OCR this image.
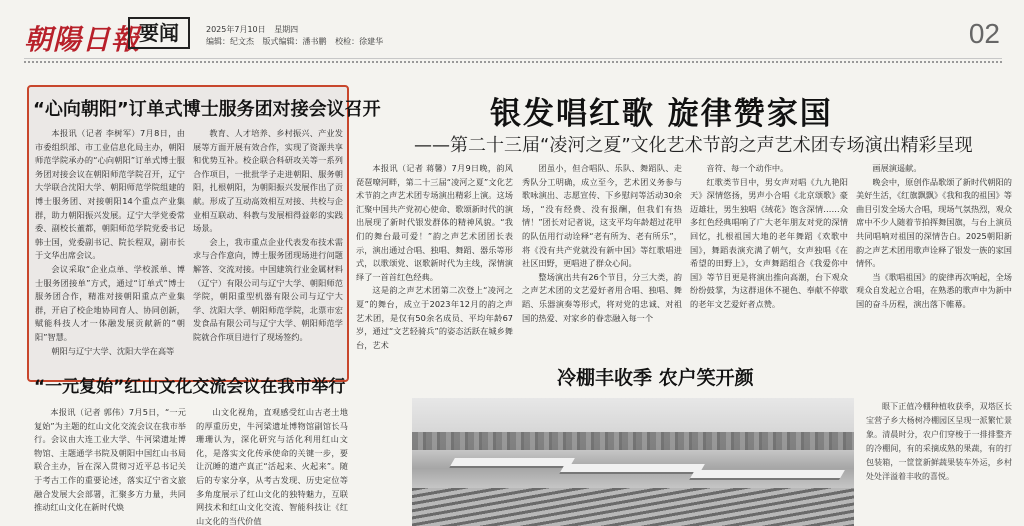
朝陽日報
要闻	2025年7月10日 星期四
编辑：纪文杰 版式编辑：潘书鹏 校检：徐建华	02
“心向朝阳”订单式博士服务团对接会议召开

本报讯（记者 李树军）7月8日，由市委组织部、市工业信息化局主办，朝阳师范学院承办的“心向朝阳”订单式博士服务团对接会议在朝阳师范学院召开，辽宁大学联合沈阳大学、朝阳师范学院组建的博士服务团、对接朝阳14个重点产业集群，助力朝阳振兴发展。辽宁大学党委常委、副校长董都，朝阳师范学院党委书记韩士国，党委副书记、院长程双，副市长于文华出席会议。

会议采取“企业点单、学校派单、博士服务团接单”方式，通过“订单式”博士服务团合作，精准对接朝阳重点产业集群，开启了校企地协同育人、协同创新，赋能科技人才一体融发展贡献新的“朝阳”智慧。

朝阳与辽宁大学、沈阳大学在高等

教育、人才培养、乡村振兴、产业发展等方面开展有效合作，实现了资源共享和优势互补。校企联合科研攻关等一系列合作项目，一批批学子走进朝阳、服务朝阳，扎根朝阳，为朝阳振兴发展作出了贡献。形成了互动高效相互对接、共校与企业相互联动、科教与发展相得益彰的实践场景。

会上，我市重点企业代表发布技术需求与合作意向，博士服务团现场进行问题解答、交流对接。中国建筑行业金属材料（辽宁）有限公司与辽宁大学、朝阳师范学院，朝阳重型机器有限公司与辽宁大学、沈阳大学、朝阳师范学院，北票市宏发食品有限公司与辽宁大学、朝阳师范学院就合作项目进行了现场签约。

“一元复始”红山文化交流会议在我市举行

本报讯（记者 郭伟）7月5日，“一元复始”为主题的红山文化交流会议在我市举行。会议由大连工业大学、牛河梁遗址博物馆、主题通学书院及朝阳中国红山书局联合主办，旨在深入贯彻习近平总书记关于考古工作的重要论述，落实辽宁省文旅融合发展大会部署，汇聚多方力量，共同推动红山文化在新时代焕

山文化视角，直观感受红山古老土地的厚重历史，牛河梁遗址博物馆副馆长马珊珊认为，深化研究与活化利用红山文化，是落实文化传承使命的关键一步，要让沉睡的遗产真正“活起来、火起来”。随后的专家分享，从考古发现、历史定位等多角度展示了红山文化的独特魅力，互联网技术和红山文化交流、智能科技让《红山文化的当代价值

银发唱红歌 旋律赞家国
——第二十三届“凌河之夏”文化艺术节韵之声艺术团专场演出精彩呈现

本报讯（记者 蒋馨）7月9日晚，韵风琵琶嘹河畔，第二十三届“凌河之夏”文化艺术节韵之声艺术团专场演出精彩上演。这场汇聚中国共产党初心使命、歌颂新时代的演出展现了新时代银发群体的精神风貌。“我们的舞台最可爱！”韵之声艺术团团长表示，演出通过合唱、独唱、舞蹈、器乐等形式，以歌颂党、讴歌新时代为主线，深情演绎了一首首红色经典。

这是韵之声艺术团第二次登上“凌河之夏”的舞台，成立于2023年12月的韵之声艺术团，是仅有50余名成员、平均年龄67岁，通过“文艺轻骑兵”的姿态活跃在城乡舞台，艺术

团虽小，但合唱队、乐队、舞蹈队、走秀队分工明确，成立至今，艺术团义务参与歌咏演出、志愿宣传、下乡慰问等活动30余场，“没有经费、没有报酬，但我们有热情！”团长对记者说，这支平均年龄超过花甲的队伍用行动诠释“老有所为、老有所乐”，将《没有共产党就没有新中国》等红歌唱进社区田野，更唱进了群众心间。

整场演出共有26个节目，分三大类，韵之声艺术团的文艺爱好者用合唱、独唱、舞蹈、乐器演奏等形式，将对党的忠诚、对祖国的热爱、对家乡的眷恋融入每一个

音符、每一个动作中。

红歌类节目中，男女声对唱《九九艳阳天》深情悠扬，男声小合唱《北京颂歌》豪迈雄壮，男生独唱《绒花》饱含深情……众多红色经典唱响了广大老年朋友对党的深情回忆，扎根祖国大地的老年舞蹈《欢歌中国》，舞蹈表演充满了朝气，女声独唱《在希望的田野上》，女声舞蹈组合《我爱你中国》等节目更是将演出推向高潮，台下观众纷纷鼓掌，为这群退休不褪色、奉献不停歇的老年文艺爱好者点赞。

画展演遥献。

晚会中，原创作品歌颂了新时代朝阳的美好生活，《红旗飘飘》《我和我的祖国》等曲目引发全场大合唱，现场气氛热烈，观众席中不少人随着节拍挥舞国旗，与台上演员共同唱响对祖国的深情告白。2025朝阳新韵之声艺术团用歌声诠释了银发一族的家国情怀。

当《歌唱祖国》的旋律再次响起，全场观众自发起立合唱，在熟悉的歌声中为新中国的奋斗历程，演出落下帷幕。

冷棚丰收季 农户笑开颜

眼下正值冷棚种植收获季，双塔区长宝营子乡大杨树冷棚园区呈现一派繁忙景象。清晨时分，农户们穿梭于一排排整齐的冷棚间，有的采摘成熟的果蔬，有的打包装箱，一筐筐新鲜蔬果装车外运，乡村处处洋溢着丰收的喜悦。
